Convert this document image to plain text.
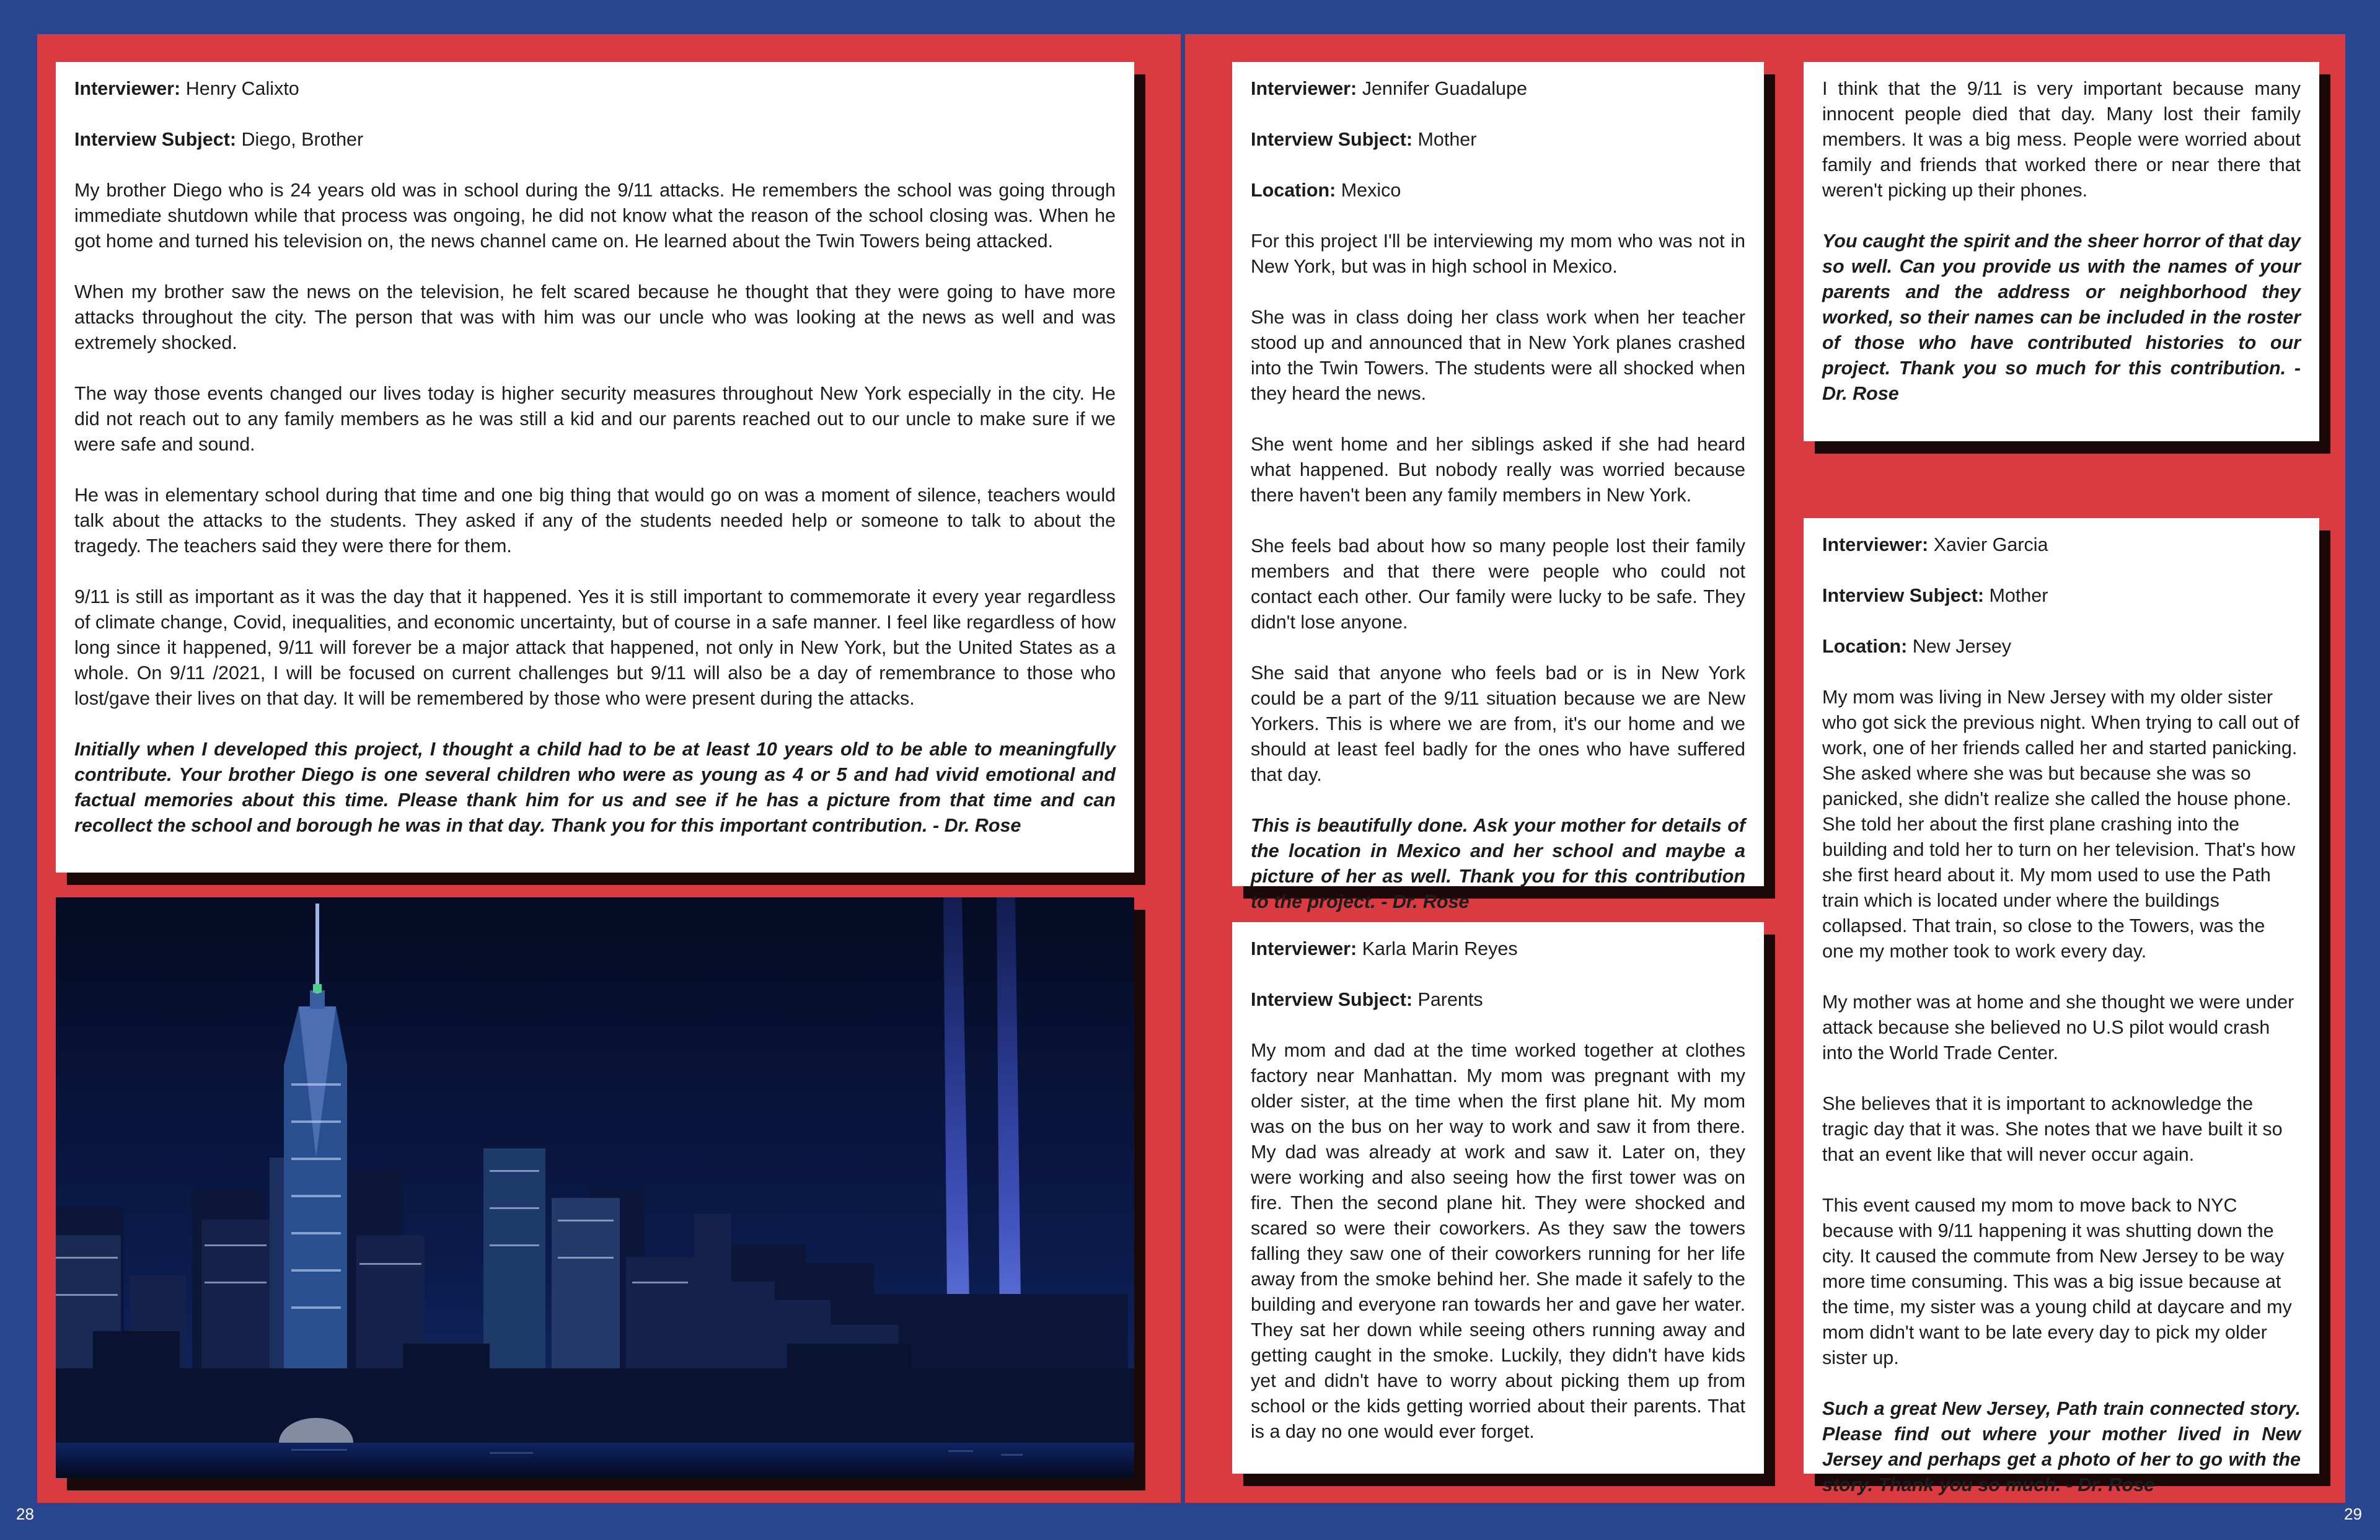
28	29

Interviewer: Henry Calixto

Interview Subject: Diego, Brother

My brother Diego who is 24 years old was in school during the 9/11 attacks. He remembers the school was going through immediate shutdown while that process was ongoing, he did not know what the reason of the school closing was. When he got home and turned his television on, the news channel came on. He learned about the Twin Towers being attacked.

When my brother saw the news on the television, he felt scared because he thought that they were going to have more attacks throughout the city. The person that was with him was our uncle who was looking at the news as well and was extremely shocked.

The way those events changed our lives today is higher security measures throughout New York especially in the city. He did not reach out to any family members as he was still a kid and our parents reached out to our uncle to make sure if we were safe and sound.

He was in elementary school during that time and one big thing that would go on was a moment of silence, teachers would talk about the attacks to the students. They asked if any of the students needed help or someone to talk to about the tragedy. The teachers said they were there for them.

9/11 is still as important as it was the day that it happened. Yes it is still important to commemorate it every year regardless of climate change, Covid, inequalities, and economic uncertainty, but of course in a safe manner. I feel like regardless of how long since it happened, 9/11 will forever be a major attack that happened, not only in New York, but the United States as a whole. On 9/11 /2021, I will be focused on current challenges but 9/11 will also be a day of remembrance to those who lost/gave their lives on that day. It will be remembered by those who were present during the attacks.

Initially when I developed this project, I thought a child had to be at least 10 years old to be able to meaningfully contribute. Your brother Diego is one several children who were as young as 4 or 5 and had vivid emotional and factual memories about this time. Please thank him for us and see if he has a picture from that time and can recollect the school and borough he was in that day. Thank you for this important contribution. - Dr. Rose

Interviewer: Jennifer Guadalupe

Interview Subject: Mother

Location: Mexico

For this project I'll be interviewing my mom who was not in New York, but was in high school in Mexico.

She was in class doing her class work when her teacher stood up and announced that in New York planes crashed into the Twin Towers. The students were all shocked when they heard the news.

She went home and her siblings asked if she had heard what happened. But nobody really was worried because there haven't been any family members in New York.

She feels bad about how so many people lost their family members and that there were people who could not contact each other. Our family were lucky to be safe. They didn't lose anyone.

She said that anyone who feels bad or is in New York could be a part of the 9/11 situation because we are New Yorkers. This is where we are from, it's our home and we should at least feel badly for the ones who have suffered that day.

This is beautifully done. Ask your mother for details of the location in Mexico and her school and maybe a picture of her as well. Thank you for this contribution to the project. - Dr. Rose

I think that the 9/11 is very important because many innocent people died that day. Many lost their family members. It was a big mess. People were worried about family and friends that worked there or near there that weren't picking up their phones.

You caught the spirit and the sheer horror of that day so well. Can you provide us with the names of your parents and the address or neighborhood they worked, so their names can be included in the roster of those who have contributed histories to our project. Thank you so much for this contribution. - Dr. Rose

Interviewer: Karla Marin Reyes

Interview Subject: Parents

My mom and dad at the time worked together at clothes factory near Manhattan. My mom was pregnant with my older sister, at the time when the first plane hit. My mom was on the bus on her way to work and saw it from there. My dad was already at work and saw it. Later on, they were working and also seeing how the first tower was on fire. Then the second plane hit. They were shocked and scared so were their coworkers. As they saw the towers falling they saw one of their coworkers running for her life away from the smoke behind her. She made it safely to the building and everyone ran towards her and gave her water. They sat her down while seeing others running away and getting caught in the smoke. Luckily, they didn't have kids yet and didn't have to worry about picking them up from school or the kids getting worried about their parents. That is a day no one would ever forget.

Interviewer: Xavier Garcia

Interview Subject: Mother

Location: New Jersey

My mom was living in New Jersey with my older sister who got sick the previous night. When trying to call out of work, one of her friends called her and started panicking. She asked where she was but because she was so panicked, she didn't realize she called the house phone. She told her about the first plane crashing into the building and told her to turn on her television. That's how she first heard about it. My mom used to use the Path train which is located under where the buildings collapsed. That train, so close to the Towers, was the one my mother took to work every day.

My mother was at home and she thought we were under attack because she believed no U.S pilot would crash into the World Trade Center.

She believes that it is important to acknowledge the tragic day that it was. She notes that we have built it so that an event like that will never occur again.

This event caused my mom to move back to NYC because with 9/11 happening it was shutting down the city. It caused the commute from New Jersey to be way more time consuming. This was a big issue because at the time, my sister was a young child at daycare and my mom didn't want to be late every day to pick my older sister up.

Such a great New Jersey, Path train connected story. Please find out where your mother lived in New Jersey and perhaps get a photo of her to go with the story. Thank you so much. - Dr. Rose
